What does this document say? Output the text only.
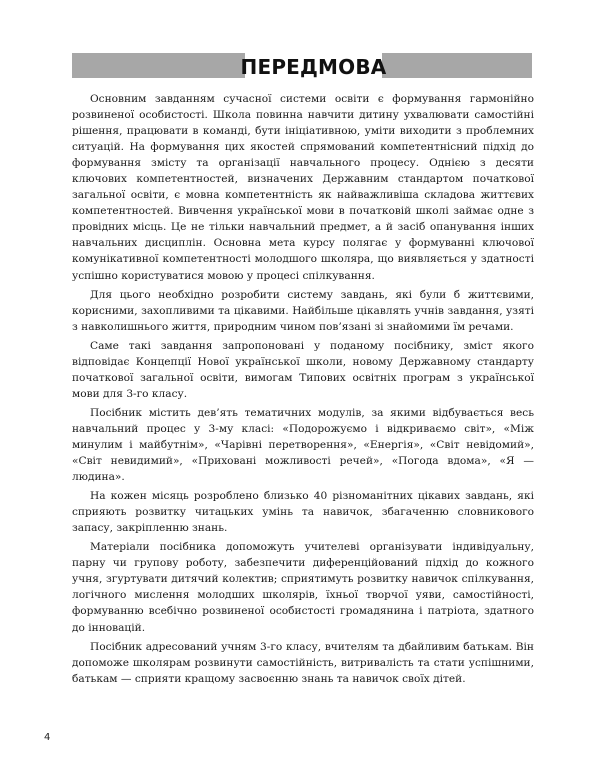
ПЕРЕДМОВА

Основним завданням сучасної системи освіти є формування гармонійно розвиненої особистості. Школа повинна навчити дитину ухвалювати самостійні рішення, працювати в команді, бути ініціативною, уміти виходити з проблемних ситуацій. На формування цих якостей спрямований компетентнісний підхід до формування змісту та організації навчального процесу. Однією з десяти ключових компетентностей, визначених Державним стандартом початкової загальної освіти, є мовна компетентність як найважливіша складова життєвих компетентностей. Вивчення української мови в початковій школі займає одне з провідних місць. Це не тільки навчальний предмет, а й засіб опанування інших навчальних дисциплін. Основна мета курсу полягає у формуванні ключової комунікативної компетентності молодшого школяра, що виявляється у здатності успішно користуватися мовою у процесі спілкування.

Для цього необхідно розробити систему завдань, які були б життєвими, корисними, захопливими та цікавими. Найбільше цікавлять учнів завдання, узяті з навколишнього життя, природним чином пов’язані зі знайомими їм речами.

Саме такі завдання запропоновані у поданому посібнику, зміст якого відповідає Концепції Нової української школи, новому Державному стандарту початкової загальної освіти, вимогам Типових освітніх програм з української мови для 3-го класу.

Посібник містить дев’ять тематичних модулів, за якими відбувається весь навчальний процес у 3-му класі: «Подорожуємо і відкриваємо світ», «Між минулим і майбутнім», «Чарівні перетворення», «Енергія», «Світ невідомий», «Світ невидимий», «Приховані можливості речей», «Погода вдома», «Я — людина».

На кожен місяць розроблено близько 40 різноманітних цікавих завдань, які сприяють розвитку читацьких умінь та навичок, збагаченню словникового запасу, закріпленню знань.

Матеріали посібника допоможуть учителеві організувати індивідуальну, парну чи групову роботу, забезпечити диференційований підхід до кожного учня, згуртувати дитячий колектив; сприятимуть розвитку навичок спілкування, логічного мислення молодших школярів, їхньої творчої уяви, самостійності, формуванню всебічно розвиненої особистості громадянина і патріота, здатного до інновацій.

Посібник адресований учням 3-го класу, вчителям та дбайливим батькам. Він допоможе школярам розвинути самостійність, витривалість та стати успішними, батькам — сприяти кращому засвоєнню знань та навичок своїх дітей.

4
